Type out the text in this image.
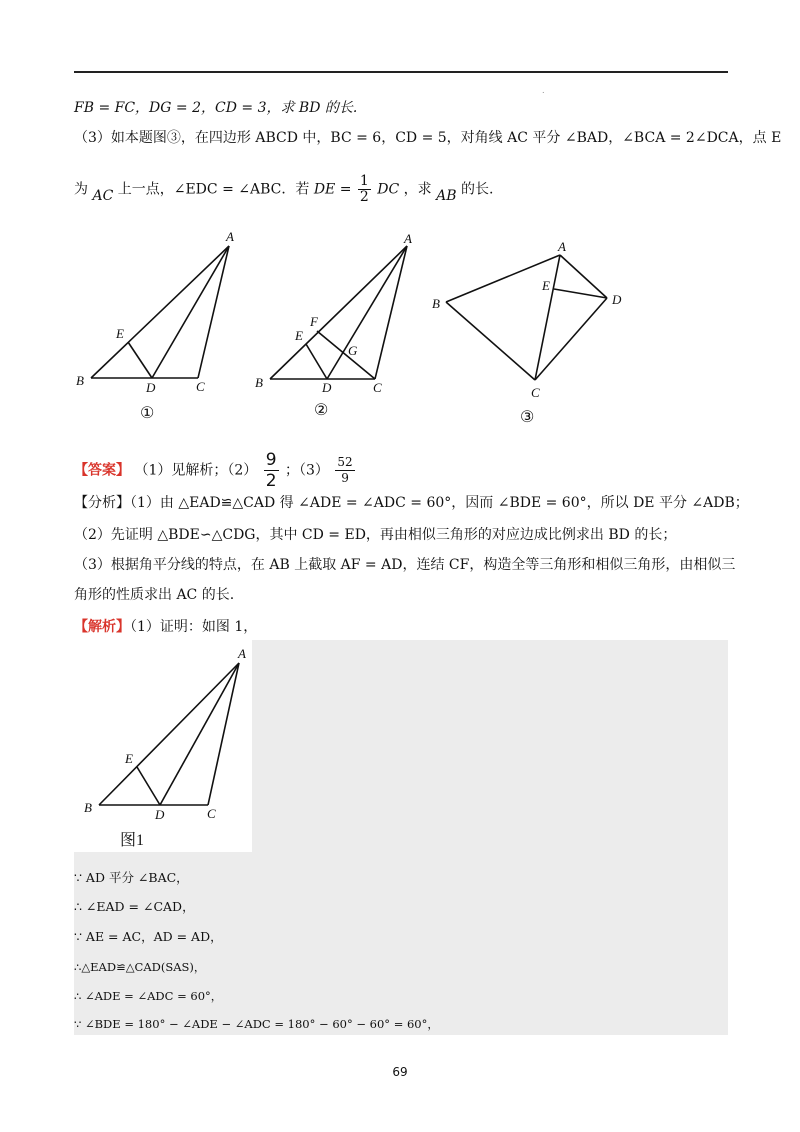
.
FB = FC，DG = 2，CD = 3，求 BD 的长.
（3）如本题图③，在四边形 ABCD 中，BC = 6，CD = 5，对角线 AC 平分 ∠BAD，∠BCA = 2∠DCA，点 E
为 AC 上一点，∠EDC = ∠ABC．若 DE = $\frac{1}{2}$ DC ，求 AB 的长.
A
B	C
D
E
①
A
B	C
D
E
F
G
②
A
B
C
D
E
③
【答案】 （1）见解析；$(2) \frac{9}{2}$ ；$(3) \frac{52}{9}$
【分析】（1）由 △EAD≌△CAD 得 ∠ADE = ∠ADC = 60°，因而 ∠BDE = 60°，所以 DE 平分 ∠ADB；
（2）先证明 △BDE∽△CDG，其中 CD = ED，再由相似三角形的对应边成比例求出 BD 的长；
（3）根据角平分线的特点，在 AB 上截取 AF = AD，连结 CF，构造全等三角形和相似三角形，由相似三
角形的性质求出 AC 的长.
【解析】（1）证明：如图 1，
A
B	C
D
E
图1
∵ AD 平分 ∠BAC，
∴ ∠EAD = ∠CAD，
∵ AE = AC，AD = AD，
∴△EAD≌△CAD(SAS)，
∴ ∠ADE = ∠ADC = 60°，
∵ ∠BDE = 180° − ∠ADE − ∠ADC = 180° − 60° − 60° = 60°，
69
